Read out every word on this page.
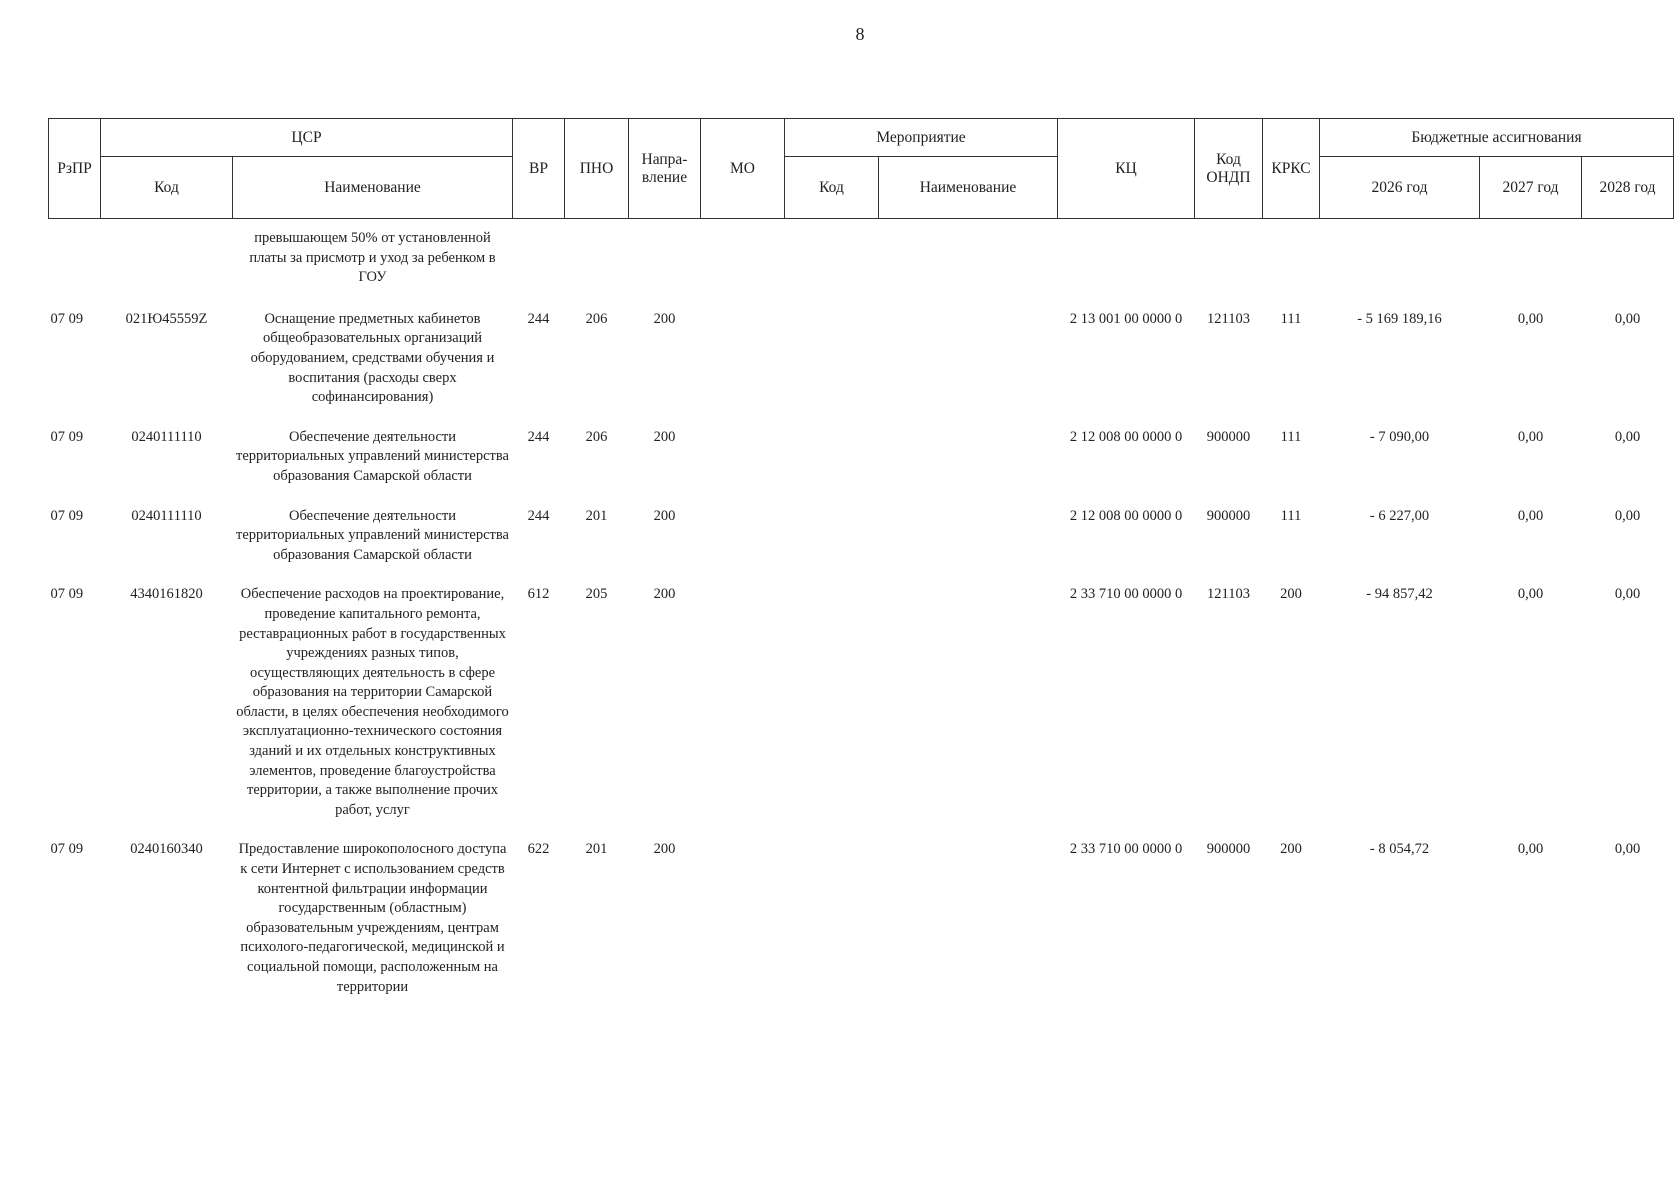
8
РзПР	ЦСР		ВР	ПНО	Напра-вление	МО	Мероприятие		КЦ	Код ОНДП	КРКС	Бюджетные ассигнования		
	Код	Наименование					Код	Наименование				2026 год	2027 год	2028 год
		превышающем 50% от установленной платы за присмотр и уход за ребенком в ГОУ												
07 09	021Ю45559Z	Оснащение предметных кабинетов общеобразовательных организаций оборудованием, средствами обучения и воспитания (расходы сверх софинансирования)	244	206	200				2 13 001 00 0000 0	121103	111	- 5 169 189,16	0,00	0,00
07 09	0240111110	Обеспечение деятельности территориальных управлений министерства образования Самарской области	244	206	200				2 12 008 00 0000 0	900000	111	- 7 090,00	0,00	0,00
07 09	0240111110	Обеспечение деятельности территориальных управлений министерства образования Самарской области	244	201	200				2 12 008 00 0000 0	900000	111	- 6 227,00	0,00	0,00
07 09	4340161820	Обеспечение расходов на проектирование, проведение капитального ремонта, реставрационных работ в государственных учреждениях разных типов, осуществляющих деятельность в сфере образования на территории Самарской области, в целях обеспечения необходимого эксплуатационно-технического состояния зданий и их отдельных конструктивных элементов, проведение благоустройства территории, а также выполнение прочих работ, услуг	612	205	200				2 33 710 00 0000 0	121103	200	- 94 857,42	0,00	0,00
07 09	0240160340	Предоставление широкополосного доступа к сети Интернет с использованием средств контентной фильтрации информации государственным (областным) образовательным учреждениям, центрам психолого-педагогической, медицинской и социальной помощи, расположенным на территории	622	201	200				2 33 710 00 0000 0	900000	200	- 8 054,72	0,00	0,00
